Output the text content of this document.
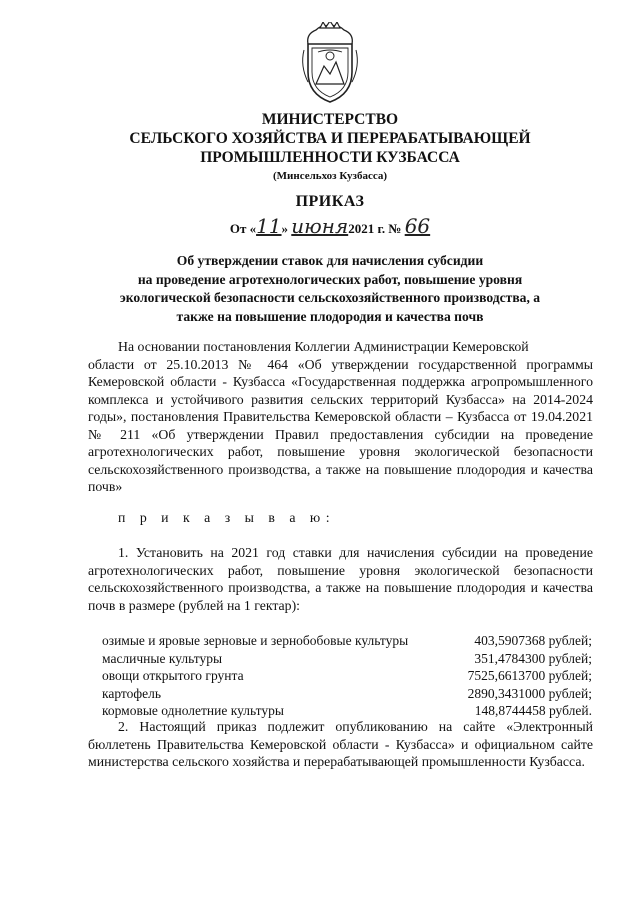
МИНИСТЕРСТВО
СЕЛЬСКОГО ХОЗЯЙСТВА И ПЕРЕРАБАТЫВАЮЩЕЙ
ПРОМЫШЛЕННОСТИ КУЗБАССА
(Минсельхоз Кузбасса)
ПРИКАЗ
От «11» июня2021 г. № 66
Об утверждении ставок для начисления субсидии
на проведение агротехнологических работ, повышение уровня
экологической безопасности сельскохозяйственного производства, а
также на повышение плодородия и качества почв
На основании постановления Коллегии Администрации Кемеровской
области от 25.10.2013 № 464 «Об утверждении государственной программы Кемеровской области - Кузбасса «Государственная поддержка агропромышленного комплекса и устойчивого развития сельских территорий Кузбасса» на 2014-2024 годы», постановления Правительства Кемеровской области – Кузбасса от 19.04.2021 № 211 «Об утверждении Правил предоставления субсидии на проведение агротехнологических работ, повышение уровня экологической безопасности сельскохозяйственного производства, а также на повышение плодородия и качества почв»
п р и к а з ы в а ю:
1. Установить на 2021 год ставки для начисления субсидии на проведение агротехнологических работ, повышение уровня экологической безопасности сельскохозяйственного производства, а также на повышение плодородия и качества почв в размере (рублей на 1 гектар):
озимые и яровые зерновые и зернобобовые культуры	403,5907368 рублей;
масличные культуры	351,4784300 рублей;
овощи открытого грунта	7525,6613700 рублей;
картофель	2890,3431000 рублей;
кормовые однолетние культуры	148,8744458 рублей.
2. Настоящий приказ подлежит опубликованию на сайте «Электронный бюллетень Правительства Кемеровской области - Кузбасса» и официальном сайте министерства сельского хозяйства и перерабатывающей промышленности Кузбасса.
